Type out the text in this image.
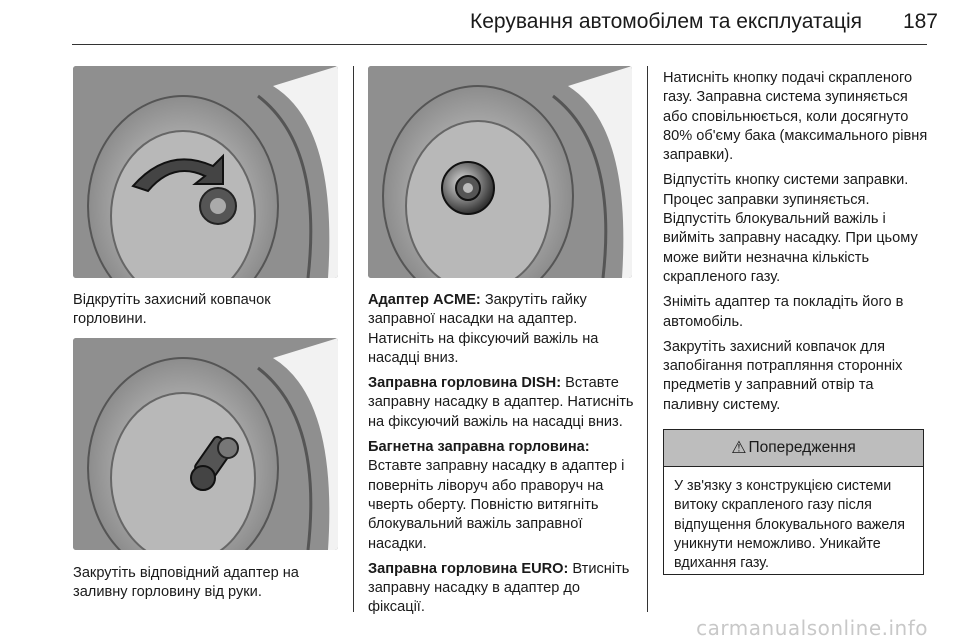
Керування автомобілем та експлуатація	187
Відкрутіть захисний ковпачок горловини.
Закрутіть відповідний адаптер на заливну горловину від руки.

Адаптер ACME: Закрутіть гайку заправної насадки на адаптер. Натисніть на фіксуючий важіль на насадці вниз.

Заправна горловина DISH: Вставте заправну насадку в адаптер. Натисніть на фіксуючий важіль на насадці вниз.

Багнетна заправна горловина: Вставте заправну насадку в адаптер і поверніть ліворуч або праворуч на чверть оберту. Повністю витягніть блокувальний важіль заправної насадки.

Заправна горловина EURO: Втисніть заправну насадку в адаптер до фіксації.

Натисніть кнопку подачі скрапленого газу. Заправна система зупиняється або сповільнюється, коли досягнуто 80% об'єму бака (максимального рівня заправки).

Відпустіть кнопку системи заправки. Процес заправки зупиняється. Відпустіть блокувальний важіль і вийміть заправну насадку. При цьому може вийти незначна кількість скрапленого газу.

Зніміть адаптер та покладіть його в автомобіль.

Закрутіть захисний ковпачок для запобігання потрапляння сторонніх предметів у заправний отвір та паливну систему.

⚠ Попередження
У зв'язку з конструкцією системи витоку скрапленого газу після відпущення блокувального важеля уникнути неможливо. Уникайте вдихання газу.
carmanualsonline.info
